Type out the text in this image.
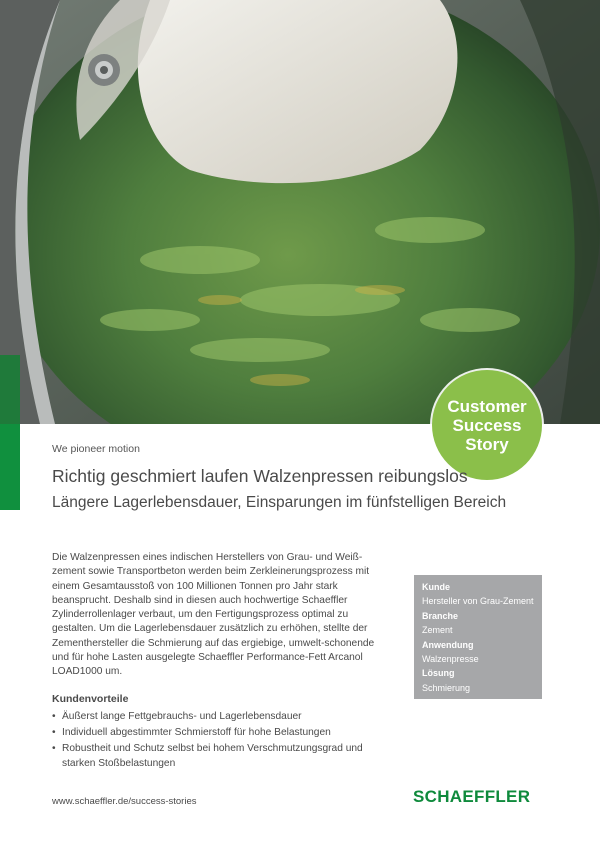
Customer
Success
Story
We pioneer motion
Richtig geschmiert laufen Walzenpressen reibungslos
Längere Lagerlebensdauer, Einsparungen im fünfstelligen Bereich

Die Walzenpressen eines indischen Herstellers von Grau- und Weiß-zement sowie Transportbeton werden beim Zerkleinerungsprozess mit einem Gesamtausstoß von 100 Millionen Tonnen pro Jahr stark beansprucht. Deshalb sind in diesen auch hochwertige Schaeffler Zylinderrollenlager verbaut, um den Fertigungsprozess optimal zu gestalten. Um die Lagerlebensdauer zusätzlich zu erhöhen, stellte der Zementhersteller die Schmierung auf das ergiebige, umwelt-schonende und für hohe Lasten ausgelegte Schaeffler Performance-Fett Arcanol LOAD1000 um.

Kundenvorteile
• Äußerst lange Fettgebrauchs- und Lagerlebensdauer
• Individuell abgestimmter Schmierstoff für hohe Belastungen
• Robustheit und Schutz selbst bei hohem Verschmutzungsgrad und starken Stoßbelastungen
Kunde
Hersteller von Grau-Zement
Branche
Zement
Anwendung
Walzenpresse
Lösung
Schmierung
www.schaeffler.de/success-stories	SCHAEFFLER
